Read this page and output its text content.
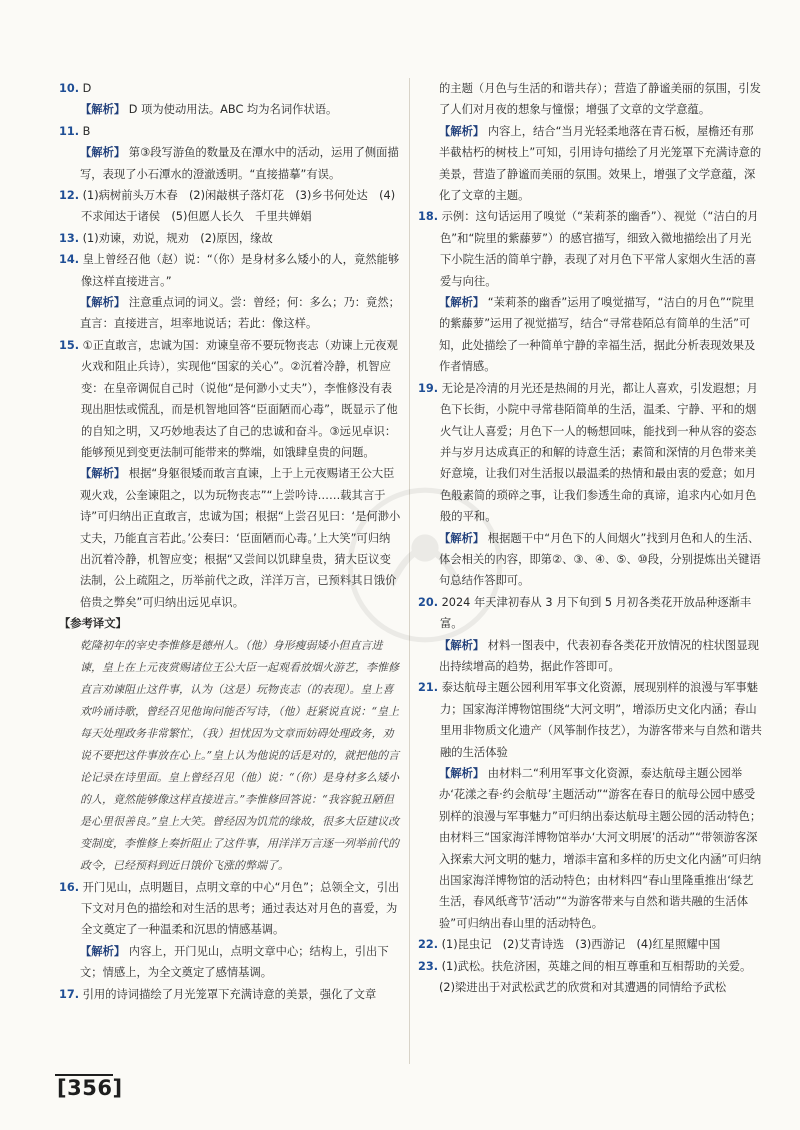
10. D

【解析】 D 项为使动用法。ABC 均为名词作状语。

11. B

【解析】 第③段写游鱼的数量及在潭水中的活动，运用了侧面描写，表现了小石潭水的澄澈透明。“直接描摹”有误。

12. (1)病树前头万木春　(2)闲敲棋子落灯花　(3)乡书何处达　(4)不求闻达于诸侯　(5)但愿人长久　千里共婵娟

13. (1)劝谏，劝说，规劝　(2)原因，缘故

14. 皇上曾经召他（赵）说：“（你）是身材多么矮小的人，竟然能够像这样直接进言。”

【解析】 注意重点词的词义。尝：曾经；何：多么；乃：竟然；直言：直接进言，坦率地说话；若此：像这样。

15. ①正直敢言，忠诚为国：劝谏皇帝不要玩物丧志（劝谏上元夜观火戏和阻止兵诗），实现他“国家的关心”。②沉着冷静，机智应变：在皇帝调侃自己时（说他“是何渺小丈夫”），李惟修没有表现出胆怯或慌乱，而是机智地回答“臣面陋而心毒”，既显示了他的自知之明，又巧妙地表达了自己的忠诚和奋斗。③远见卓识：能够预见到变更法制可能带来的弊端，如饿肆皇贵的问题。

【解析】 根据“身躯很矮而敢言直谏，上于上元夜赐诸王公大臣观火戏，公奎谏阻之，以为玩物丧志”“上尝吟诗……载其言于诗”可归纳出正直敢言，忠诚为国；根据“上尝召见曰：‘是何渺小丈夫，乃能直言若此。’公奏曰：‘臣面陋而心毒。’上大笑”可归纳出沉着冷静，机智应变；根据“又尝间以饥肆皇贵，猜大臣议变法制，公上疏阻之，历举前代之政，洋洋万言，已预料其日饿价倍贵之弊矣”可归纳出远见卓识。

【参考译文】

乾隆初年的宰史李惟修是德州人。（他）身形瘦弱矮小但直言进谏，皇上在上元夜赏赐诸位王公大臣一起观看放烟火游艺，李惟修直言劝谏阻止这件事，认为（这是）玩物丧志（的表现）。皇上喜欢吟诵诗歌，曾经召见他询问能否写诗，（他）赶紧说直说：“皇上每天处理政务非常繁忙，（我）担忧因为文章而妨碍处理政务，劝说不要把这件事放在心上。”皇上认为他说的话是对的，就把他的言论记录在诗里面。皇上曾经召见（他）说：“（你）是身材多么矮小的人，竟然能够像这样直接进言。”李惟修回答说：“我容貌丑陋但是心里很善良。”皇上大笑。曾经因为饥荒的缘故，很多大臣建议改变制度，李惟修上奏折阻止了这件事，用洋洋万言逐一列举前代的政令，已经预料到近日饿价飞涨的弊端了。

16. 开门见山，点明题目，点明文章的中心“月色”；总领全文，引出下文对月色的描绘和对生活的思考；通过表达对月色的喜爱，为全文奠定了一种温柔和沉思的情感基调。

【解析】 内容上，开门见山，点明文章中心；结构上，引出下文；情感上，为全文奠定了感情基调。

17. 引用的诗词描绘了月光笼罩下充满诗意的美景，强化了文章

的主题（月色与生活的和谐共存）；营造了静谧美丽的氛围，引发了人们对月夜的想象与憧憬；增强了文章的文学意蕴。

【解析】 内容上，结合“当月光轻柔地落在青石板，屋檐还有那半截枯朽的树枝上”可知，引用诗句描绘了月光笼罩下充满诗意的美景，营造了静谧而美丽的氛围。效果上，增强了文学意蕴，深化了文章的主题。

18. 示例：这句话运用了嗅觉（“茉莉茶的幽香”）、视觉（“洁白的月色”和“院里的紫藤萝”）的感官描写，细致入微地描绘出了月光下小院生活的简单宁静，表现了对月色下平常人家烟火生活的喜爱与向往。

【解析】 “茉莉茶的幽香”运用了嗅觉描写，“洁白的月色”“院里的紫藤萝”运用了视觉描写，结合“寻常巷陌总有简单的生活”可知，此处描绘了一种简单宁静的幸福生活，据此分析表现效果及作者情感。

19. 无论是冷清的月光还是热闹的月光，都让人喜欢，引发遐想；月色下长街，小院中寻常巷陌简单的生活，温柔、宁静、平和的烟火气让人喜爱；月色下一人的畅想回味，能找到一种从容的姿态并与岁月达成真正的和解的诗意生活；素简和深情的月色带来美好意境，让我们对生活报以最温柔的热情和最由衷的爱意；如月色般素简的琐碎之事，让我们参透生命的真谛，追求内心如月色般的平和。

【解析】 根据题干中“月色下的人间烟火”找到月色和人的生活、体会相关的内容，即第②、③、④、⑤、⑩段，分别提炼出关键语句总结作答即可。

20. 2024 年天津初春从 3 月下旬到 5 月初各类花开放品种逐渐丰富。

【解析】 材料一图表中，代表初春各类花开放情况的柱状图显现出持续增高的趋势，据此作答即可。

21. 泰达航母主题公园利用军事文化资源，展现别样的浪漫与军事魅力；国家海洋博物馆围绕“大河文明”，增添历史文化内涵；春山里用非物质文化遗产（风筝制作技艺），为游客带来与自然和谐共融的生活体验

【解析】 由材料二“利用军事文化资源，泰达航母主题公园举办‘花漾之春·约会航母’主题活动”“游客在春日的航母公园中感受别样的浪漫与军事魅力”可归纳出泰达航母主题公园的活动特色；由材料三“国家海洋博物馆举办‘大河文明展’的活动”“带领游客深入探索大河文明的魅力，增添丰富和多样的历史文化内涵”可归纳出国家海洋博物馆的活动特色；由材料四“春山里隆重推出‘绿艺生活，春风纸鸢节’活动”“为游客带来与自然和谐共融的生活体验”可归纳出春山里的活动特色。

22. (1)昆虫记　(2)艾青诗选　(3)西游记　(4)红星照耀中国

23. (1)武松。扶危济困，英雄之间的相互尊重和互相帮助的关爱。

(2)梁进出于对武松武艺的欣赏和对其遭遇的同情给予武松

[356]
